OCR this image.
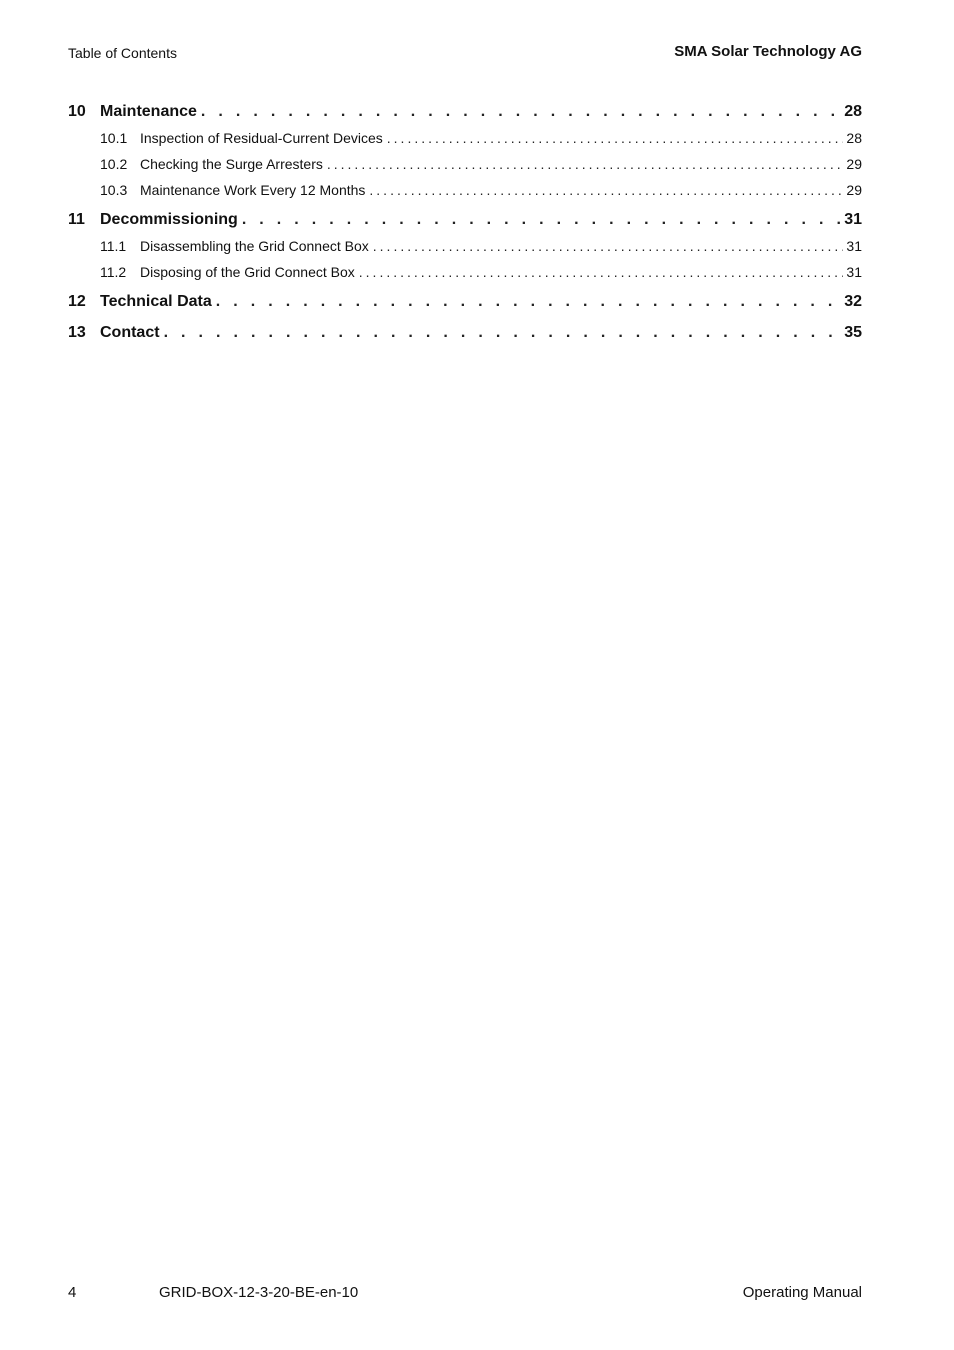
Table of Contents	SMA Solar Technology AG
10 Maintenance . . .	28
10.1 Inspection of Residual-Current Devices .....	28
10.2 Checking the Surge Arresters .....	29
10.3 Maintenance Work Every 12 Months .....	29
11 Decommissioning . . .	31
11.1 Disassembling the Grid Connect Box .....	31
11.2 Disposing of the Grid Connect Box .....	31
12 Technical Data . . .	32
13 Contact . . .	35
4	GRID-BOX-12-3-20-BE-en-10	Operating Manual
